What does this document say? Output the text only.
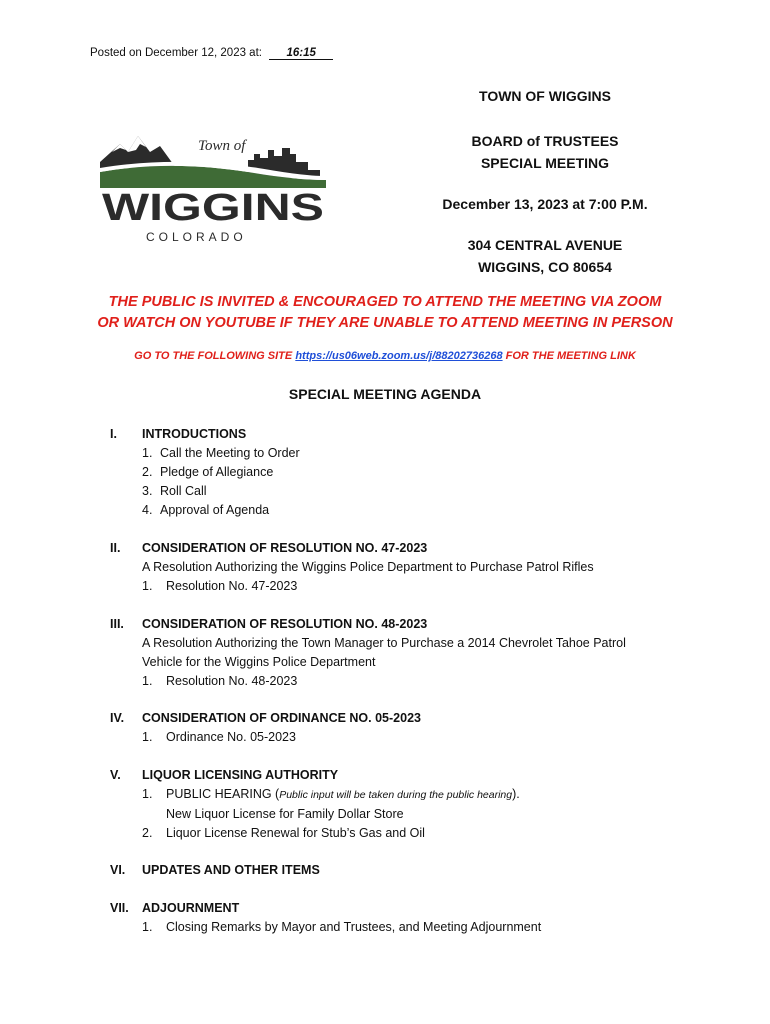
Posted on December 12, 2023 at: 16:15
TOWN OF WIGGINS
BOARD of TRUSTEES
SPECIAL MEETING
December 13, 2023 at 7:00 P.M.
304 CENTRAL AVENUE
WIGGINS, CO 80654
Town of
WIGGINS
COLORADO
THE PUBLIC IS INVITED & ENCOURAGED TO ATTEND THE MEETING VIA ZOOM
OR WATCH ON YOUTUBE IF THEY ARE UNABLE TO ATTEND MEETING IN PERSON
GO TO THE FOLLOWING SITE https://us06web.zoom.us/j/88202736268 FOR THE MEETING LINK
SPECIAL MEETING AGENDA
I. INTRODUCTIONS
1. Call the Meeting to Order
2. Pledge of Allegiance
3. Roll Call
4. Approval of Agenda
II. CONSIDERATION OF RESOLUTION NO. 47-2023
A Resolution Authorizing the Wiggins Police Department to Purchase Patrol Rifles
1. Resolution No. 47-2023
III. CONSIDERATION OF RESOLUTION NO. 48-2023
A Resolution Authorizing the Town Manager to Purchase a 2014 Chevrolet Tahoe Patrol
Vehicle for the Wiggins Police Department
1. Resolution No. 48-2023
IV. CONSIDERATION OF ORDINANCE NO. 05-2023
1. Ordinance No. 05-2023
V. LIQUOR LICENSING AUTHORITY
1. PUBLIC HEARING (Public input will be taken during the public hearing).
New Liquor License for Family Dollar Store
2. Liquor License Renewal for Stub’s Gas and Oil
VI. UPDATES AND OTHER ITEMS
VII. ADJOURNMENT
1. Closing Remarks by Mayor and Trustees, and Meeting Adjournment
